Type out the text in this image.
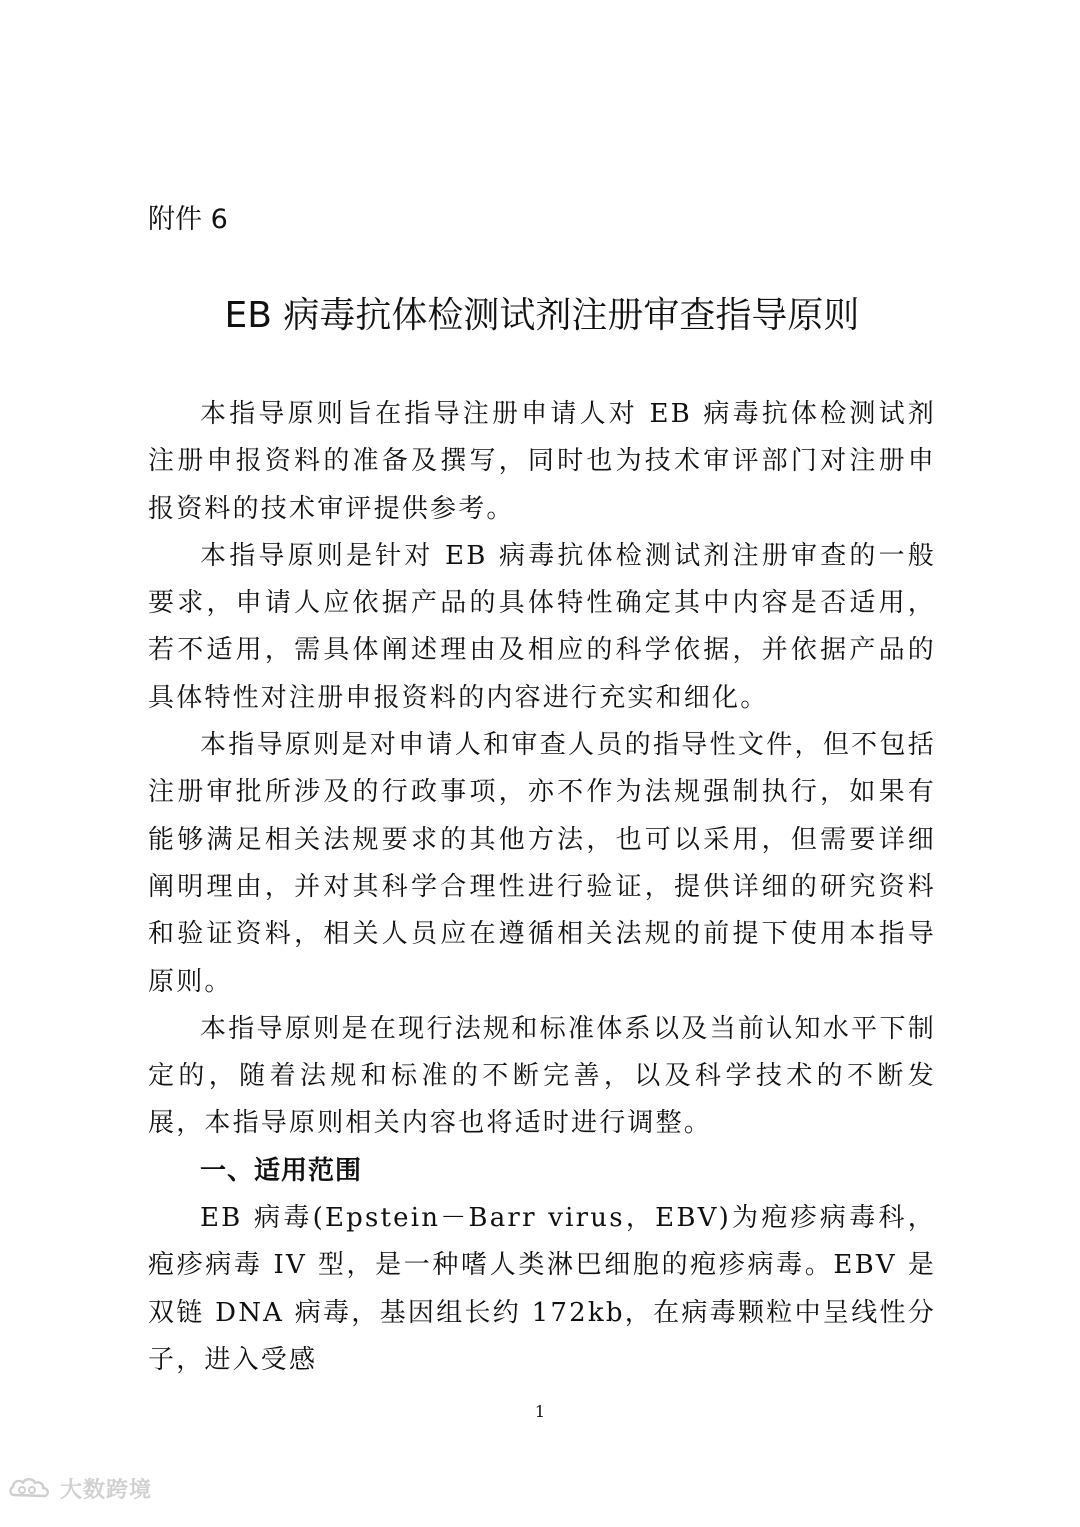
附件 6
EB 病毒抗体检测试剂注册审查指导原则

本指导原则旨在指导注册申请人对 EB 病毒抗体检测试剂注册申报资料的准备及撰写，同时也为技术审评部门对注册申报资料的技术审评提供参考。

本指导原则是针对 EB 病毒抗体检测试剂注册审查的一般要求，申请人应依据产品的具体特性确定其中内容是否适用，若不适用，需具体阐述理由及相应的科学依据，并依据产品的具体特性对注册申报资料的内容进行充实和细化。

本指导原则是对申请人和审查人员的指导性文件，但不包括注册审批所涉及的行政事项，亦不作为法规强制执行，如果有能够满足相关法规要求的其他方法，也可以采用，但需要详细阐明理由，并对其科学合理性进行验证，提供详细的研究资料和验证资料，相关人员应在遵循相关法规的前提下使用本指导原则。

本指导原则是在现行法规和标准体系以及当前认知水平下制定的，随着法规和标准的不断完善，以及科学技术的不断发展，本指导原则相关内容也将适时进行调整。

一、适用范围

EB 病毒(Epstein－Barr virus，EBV)为疱疹病毒科，疱疹病毒 IV 型，是一种嗜人类淋巴细胞的疱疹病毒。EBV 是双链 DNA 病毒，基因组长约 172kb，在病毒颗粒中呈线性分子，进入受感

1
大数跨境
